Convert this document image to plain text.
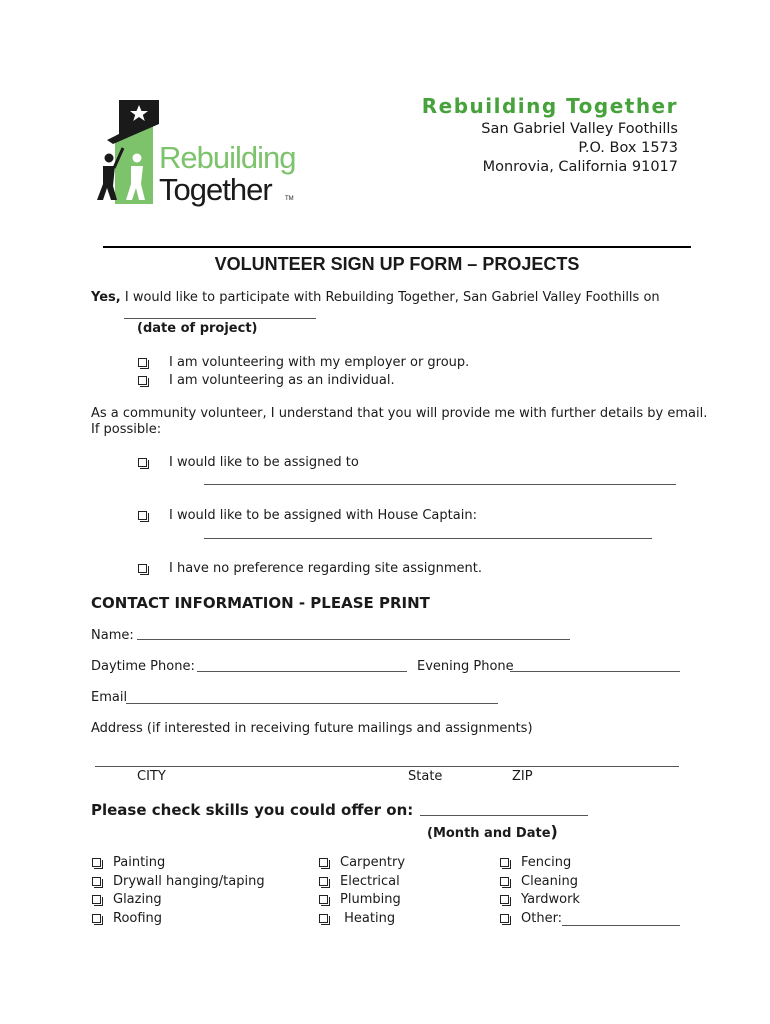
Rebuilding
Together TM
Rebuilding Together
San Gabriel Valley Foothills
P.O. Box 1573
Monrovia, California 91017
VOLUNTEER SIGN UP FORM – PROJECTS
Yes, I would like to participate with Rebuilding Together, San Gabriel Valley Foothills on
(date of project)
I am volunteering with my employer or group.
I am volunteering as an individual.
As a community volunteer, I understand that you will provide me with further details by email.
If possible:
I would like to be assigned to
I would like to be assigned with House Captain:
I have no preference regarding site assignment.
CONTACT INFORMATION - PLEASE PRINT
Name:
Daytime Phone:	Evening Phone
Email
Address (if interested in receiving future mailings and assignments)
CITY	State	ZIP
Please check skills you could offer on:
(Month and Date)
Painting
Drywall hanging/taping
Glazing
Roofing
Carpentry
Electrical
Plumbing
Heating
Fencing
Cleaning
Yardwork
Other:
